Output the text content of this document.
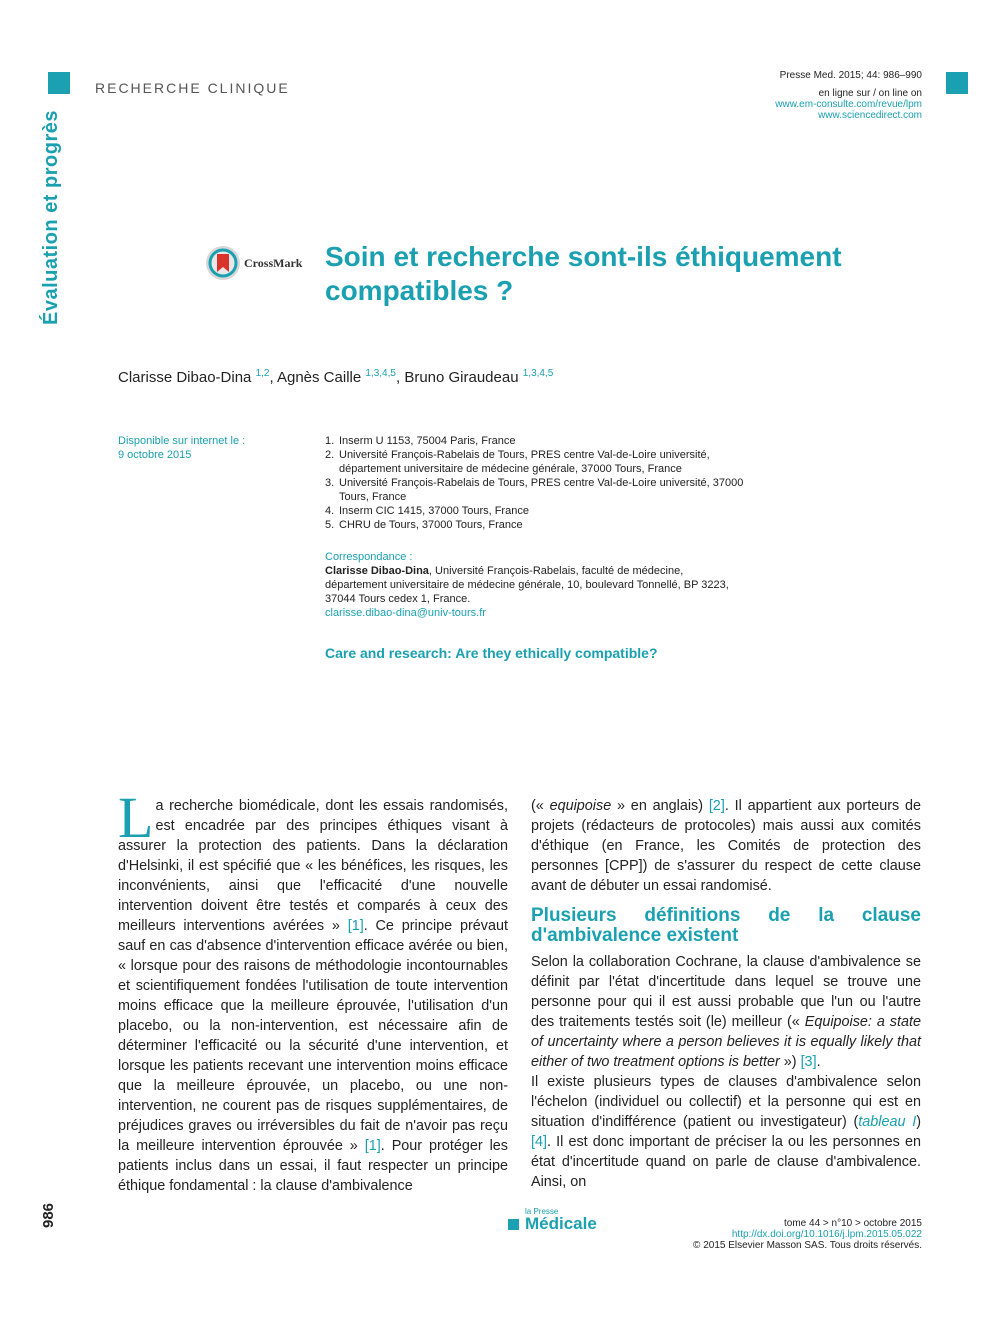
Évaluation et progrès
RECHERCHE CLINIQUE
Presse Med. 2015; 44: 986–990
en ligne sur / on line on
www.em-consulte.com/revue/lpm
www.sciencedirect.com
CrossMark Soin et recherche sont-ils éthiquement
compatibles ?
Clarisse Dibao-Dina $^{1,2}$, Agnès Caille $^{1,3,4,5}$, Bruno Giraudeau $^{1,3,4,5}$
Disponible sur internet le :
9 octobre 2015
1. Inserm U 1153, 75004 Paris, France
2. Université François-Rabelais de Tours, PRES centre Val-de-Loire université, département universitaire de médecine générale, 37000 Tours, France
3. Université François-Rabelais de Tours, PRES centre Val-de-Loire université, 37000 Tours, France
4. Inserm CIC 1415, 37000 Tours, France
5. CHRU de Tours, 37000 Tours, France
Correspondance :
Clarisse Dibao-Dina, Université François-Rabelais, faculté de médecine, département universitaire de médecine générale, 10, boulevard Tonnellé, BP 3223, 37044 Tours cedex 1, France.
clarisse.dibao-dina@univ-tours.fr
Care and research: Are they ethically compatible?

La recherche biomédicale, dont les essais randomisés, est encadrée par des principes éthiques visant à assurer la protection des patients. Dans la déclaration d'Helsinki, il est spécifié que « les bénéfices, les risques, les inconvénients, ainsi que l'efficacité d'une nouvelle intervention doivent être testés et comparés à ceux des meilleurs interventions avérées » [1]. Ce principe prévaut sauf en cas d'absence d'intervention efficace avérée ou bien, « lorsque pour des raisons de méthodologie incontournables et scientifiquement fondées l'utilisation de toute intervention moins efficace que la meilleure éprouvée, l'utilisation d'un placebo, ou la non-intervention, est nécessaire afin de déterminer l'efficacité ou la sécurité d'une intervention, et lorsque les patients recevant une intervention moins efficace que la meilleure éprouvée, un placebo, ou une non-intervention, ne courent pas de risques supplémentaires, de préjudices graves ou irréversibles du fait de n'avoir pas reçu la meilleure intervention éprouvée » [1]. Pour protéger les patients inclus dans un essai, il faut respecter un principe éthique fondamental : la clause d'ambivalence

(« equipoise » en anglais) [2]. Il appartient aux porteurs de projets (rédacteurs de protocoles) mais aussi aux comités d'éthique (en France, les Comités de protection des personnes [CPP]) de s'assurer du respect de cette clause avant de débuter un essai randomisé.

Plusieurs définitions de la clause d'ambivalence existent

Selon la collaboration Cochrane, la clause d'ambivalence se définit par l'état d'incertitude dans lequel se trouve une personne pour qui il est aussi probable que l'un ou l'autre des traitements testés soit (le) meilleur (« Equipoise: a state of uncertainty where a person believes it is equally likely that either of two treatment options is better ») [3].

Il existe plusieurs types de clauses d'ambivalence selon l'échelon (individuel ou collectif) et la personne qui est en situation d'indifférence (patient ou investigateur) (tableau I) [4]. Il est donc important de préciser la ou les personnes en état d'incertitude quand on parle de clause d'ambivalence. Ainsi, on

986	la Presse
Médicale	tome 44 > n°10 > octobre 2015
http://dx.doi.org/10.1016/j.lpm.2015.05.022
© 2015 Elsevier Masson SAS. Tous droits réservés.
